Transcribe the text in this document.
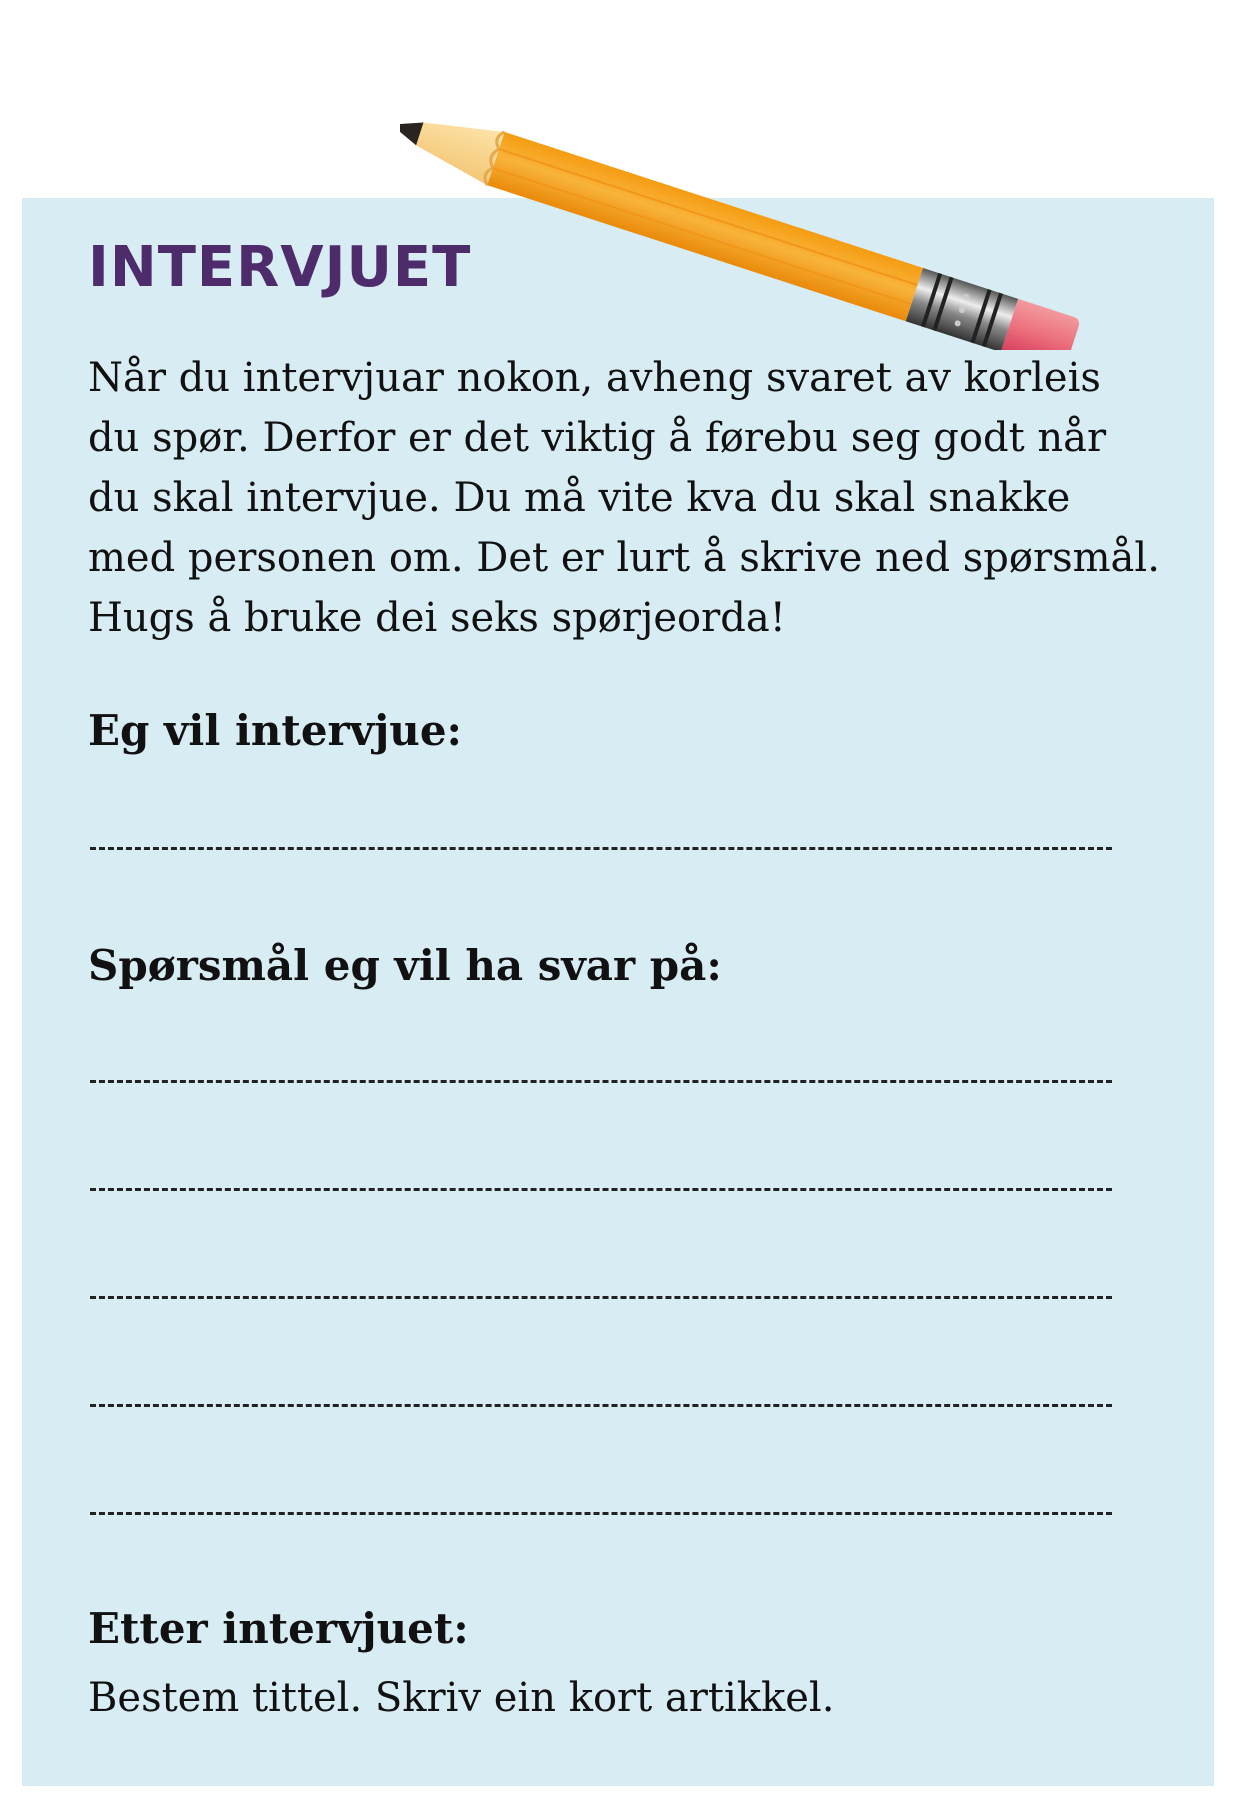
INTERVJUET

Når du intervjuar nokon, avheng svaret av korleis
du spør. Derfor er det viktig å førebu seg godt når
du skal intervjue. Du må vite kva du skal snakke
med personen om. Det er lurt å skrive ned spørsmål.
Hugs å bruke dei seks spørjeorda!

Eg vil intervjue:

Spørsmål eg vil ha svar på:

Etter intervjuet:

Bestem tittel. Skriv ein kort artikkel.
